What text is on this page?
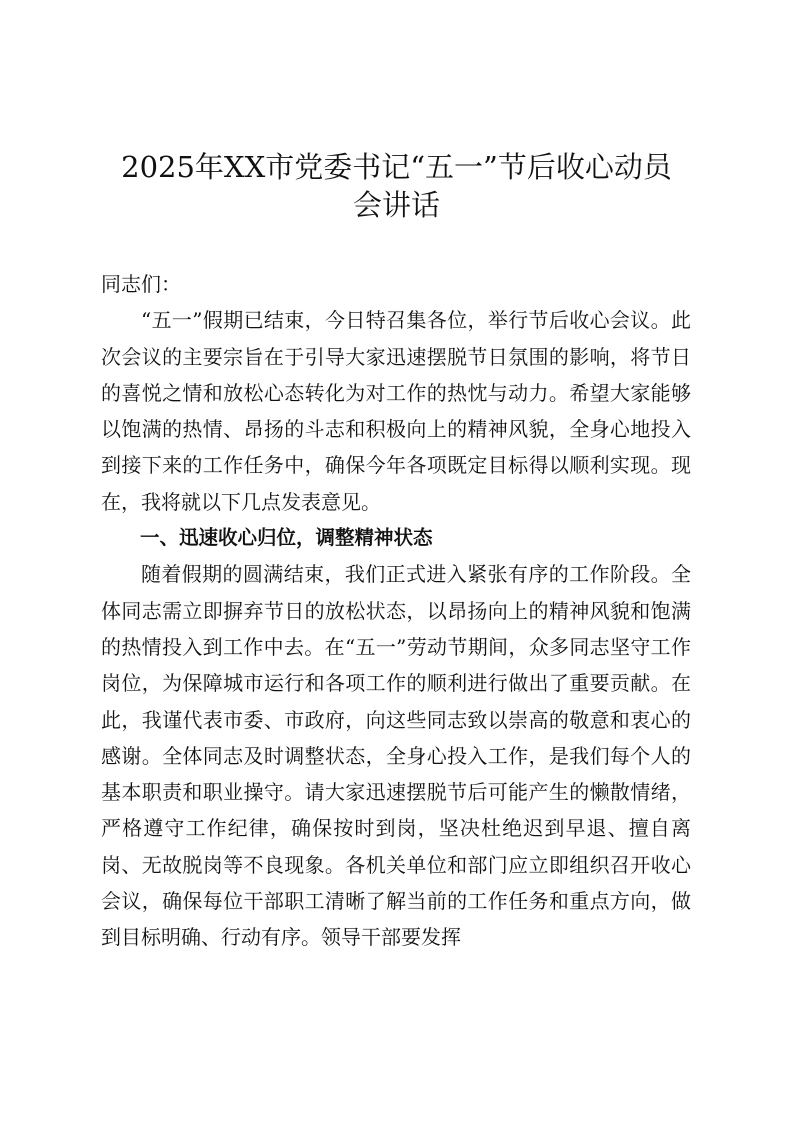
2025年XX市党委书记“五一”节后收心动员
会讲话

同志们：

“五一”假期已结束，今日特召集各位，举行节后收心会议。此次会议的主要宗旨在于引导大家迅速摆脱节日氛围的影响，将节日的喜悦之情和放松心态转化为对工作的热忱与动力。希望大家能够以饱满的热情、昂扬的斗志和积极向上的精神风貌，全身心地投入到接下来的工作任务中，确保今年各项既定目标得以顺利实现。现在，我将就以下几点发表意见。

一、迅速收心归位，调整精神状态

随着假期的圆满结束，我们正式进入紧张有序的工作阶段。全体同志需立即摒弃节日的放松状态，以昂扬向上的精神风貌和饱满的热情投入到工作中去。在“五一”劳动节期间，众多同志坚守工作岗位，为保障城市运行和各项工作的顺利进行做出了重要贡献。在此，我谨代表市委、市政府，向这些同志致以崇高的敬意和衷心的感谢。全体同志及时调整状态，全身心投入工作，是我们每个人的基本职责和职业操守。请大家迅速摆脱节后可能产生的懒散情绪，严格遵守工作纪律，确保按时到岗，坚决杜绝迟到早退、擅自离岗、无故脱岗等不良现象。各机关单位和部门应立即组织召开收心会议，确保每位干部职工清晰了解当前的工作任务和重点方向，做到目标明确、行动有序。领导干部要发挥
